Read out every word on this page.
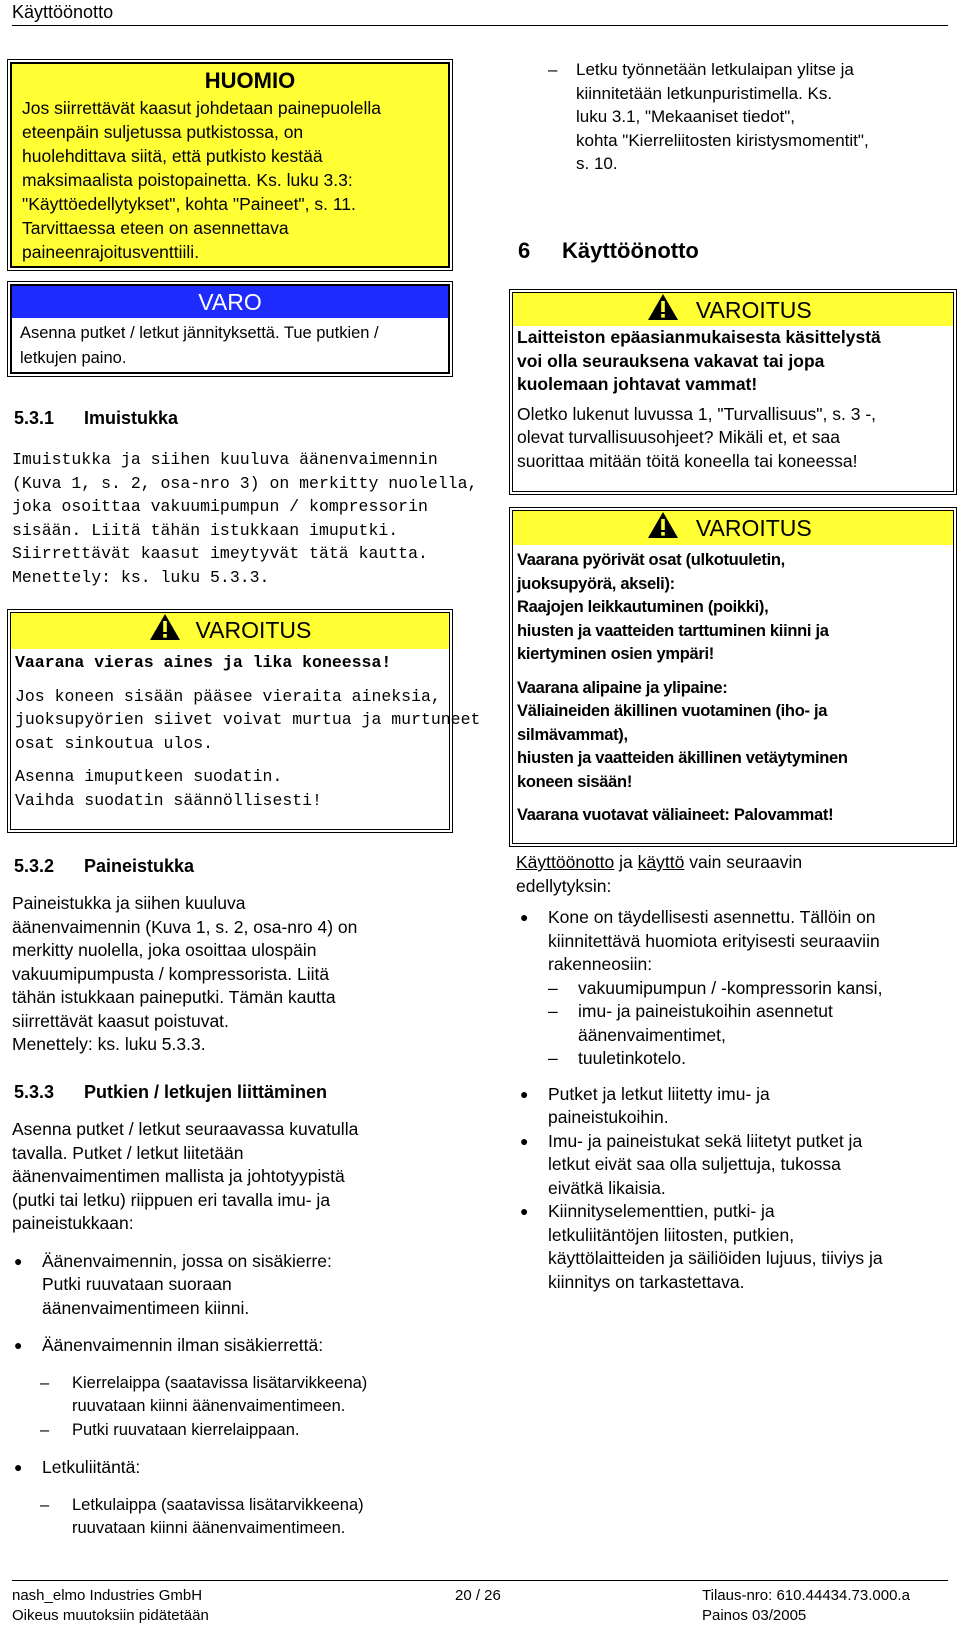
Käyttöönotto
HUOMIO

Jos siirrettävät kaasut johdetaan painepuolella

eteenpäin suljetussa putkistossa, on

huolehdittava siitä, että putkisto kestää

maksimaalista poistopainetta. Ks. luku 3.3:

"Käyttöedellytykset", kohta "Paineet", s. 11.

Tarvittaessa eteen on asennettava

paineenrajoitusventtiili.

VARO

Asenna putket / letkut jännityksettä. Tue putkien /

letkujen paino.

5.3.1 Imuistukka

Imuistukka ja siihen kuuluva äänenvaimennin

(Kuva 1, s. 2, osa-nro 3) on merkitty nuolella,

joka osoittaa vakuumipumpun / kompressorin

sisään. Liitä tähän istukkaan imuputki.

Siirrettävät kaasut imeytyvät tätä kautta.

Menettely: ks. luku 5.3.3.

VAROITUS

Vaarana vieras aines ja lika koneessa!

Jos koneen sisään pääsee vieraita aineksia,

juoksupyörien siivet voivat murtua ja murtuneet

osat sinkoutua ulos.

Asenna imuputkeen suodatin.

Vaihda suodatin säännöllisesti!

5.3.2 Paineistukka

Paineistukka ja siihen kuuluva

äänenvaimennin (Kuva 1, s. 2, osa-nro 4) on

merkitty nuolella, joka osoittaa ulospäin

vakuumipumpusta / kompressorista. Liitä

tähän istukkaan paineputki. Tämän kautta

siirrettävät kaasut poistuvat.

Menettely: ks. luku 5.3.3.

5.3.3 Putkien / letkujen liittäminen

Asenna putket / letkut seuraavassa kuvatulla

tavalla. Putket / letkut liitetään

äänenvaimentimen mallista ja johtotyypistä

(putki tai letku) riippuen eri tavalla imu- ja

paineistukkaan:

● Äänenvaimennin, jossa on sisäkierre:

Putki ruuvataan suoraan

äänenvaimentimeen kiinni.

● Äänenvaimennin ilman sisäkierrettä:

– Kierrelaippa (saatavissa lisätarvikkeena)

ruuvataan kiinni äänenvaimentimeen.

– Putki ruuvataan kierrelaippaan.

● Letkuliitäntä:

– Letkulaippa (saatavissa lisätarvikkeena)

ruuvataan kiinni äänenvaimentimeen.

– Letku työnnetään letkulaipan ylitse ja

kiinnitetään letkunpuristimella. Ks.

luku 3.1, "Mekaaniset tiedot",

kohta "Kierreliitosten kiristysmomentit",

s. 10.

6 Käyttöönotto
VAROITUS

Laitteiston epäasianmukaisesta käsittelystä

voi olla seurauksena vakavat tai jopa

kuolemaan johtavat vammat!

Oletko lukenut luvussa 1, "Turvallisuus", s. 3 -,

olevat turvallisuusohjeet? Mikäli et, et saa

suorittaa mitään töitä koneella tai koneessa!

VAROITUS

Vaarana pyörivät osat (ulkotuuletin,

juoksupyörä, akseli):

Raajojen leikkautuminen (poikki),

hiusten ja vaatteiden tarttuminen kiinni ja

kiertyminen osien ympäri!

Vaarana alipaine ja ylipaine:

Väliaineiden äkillinen vuotaminen (iho- ja

silmävammat),

hiusten ja vaatteiden äkillinen vetäytyminen

koneen sisään!

Vaarana vuotavat väliaineet: Palovammat!

Käyttöönotto ja käyttö vain seuraavin

edellytyksin:

● Kone on täydellisesti asennettu. Tällöin on

kiinnitettävä huomiota erityisesti seuraaviin

rakenneosiin:

– vakuumipumpun / -kompressorin kansi,

– imu- ja paineistukoihin asennetut

äänenvaimentimet,

– tuuletinkotelo.

● Putket ja letkut liitetty imu- ja

paineistukoihin.

● Imu- ja paineistukat sekä liitetyt putket ja

letkut eivät saa olla suljettuja, tukossa

eivätkä likaisia.

● Kiinnityselementtien, putki- ja

letkuliitäntöjen liitosten, putkien,

käyttölaitteiden ja säiliöiden lujuus, tiiviys ja

kiinnitys on tarkastettava.

nash_elmo Industries GmbH
Oikeus muutoksiin pidätetään
20 / 26	Tilaus-nro: 610.44434.73.000.a
Painos 03/2005
